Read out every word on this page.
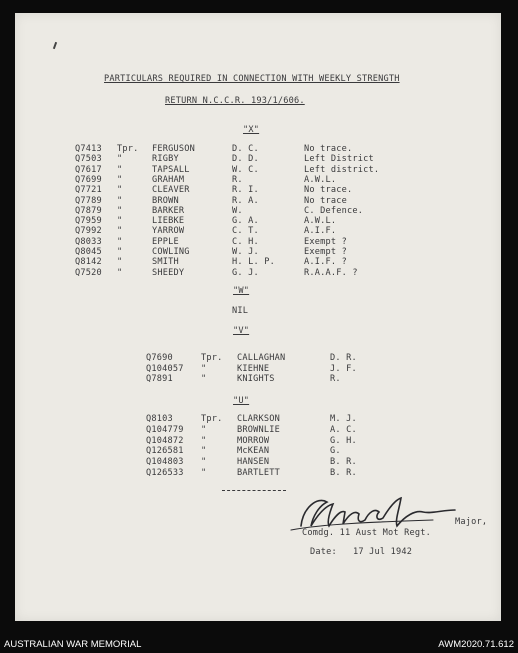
PARTICULARS REQUIRED IN CONNECTION WITH WEEKLY STRENGTH
RETURN N.C.C.R. 193/1/606.
"X"
Q7413 Tpr. FERGUSON	D. C.	No trace.
Q7503 "	RIGBY	D. D.	Left District
Q7617 "	TAPSALL	W. C.	Left district.
Q7699 "	GRAHAM	R.	A.W.L.
Q7721 "	CLEAVER	R. I.	No trace.
Q7789 "	BROWN	R. A.	No trace
Q7879 "	BARKER	W.	C. Defence.
Q7959 "	LIEBKE	G. A.	A.W.L.
Q7992 "	YARROW	C. T.	A.I.F.
Q8033 "	EPPLE	C. H.	Exempt ?
Q8045 "	COWLING	W. J.	Exempt ?
Q8142 "	SMITH	H. L. P.	A.I.F. ?
Q7520 "	SHEEDY	G. J.	R.A.A.F. ?
"W"
NIL
"V"
Q7690	Tpr. CALLAGHAN	D. R.
Q104057 "	KIEHNE	J. F.
Q7891	"	KNIGHTS	R.
"U"
Q8103	Tpr. CLARKSON	M. J.
Q104779 "	BROWNLIE	A. C.
Q104872 "	MORROW	G. H.
Q126581 "	McKEAN	G.
Q104803 "	HANSEN	B. R.
Q126533 "	BARTLETT	B. R.
Major,
Comdg. 11 Aust Mot Regt.
Date: 17 Jul 1942
AUSTRALIAN WAR MEMORIAL	AWM2020.71.612
